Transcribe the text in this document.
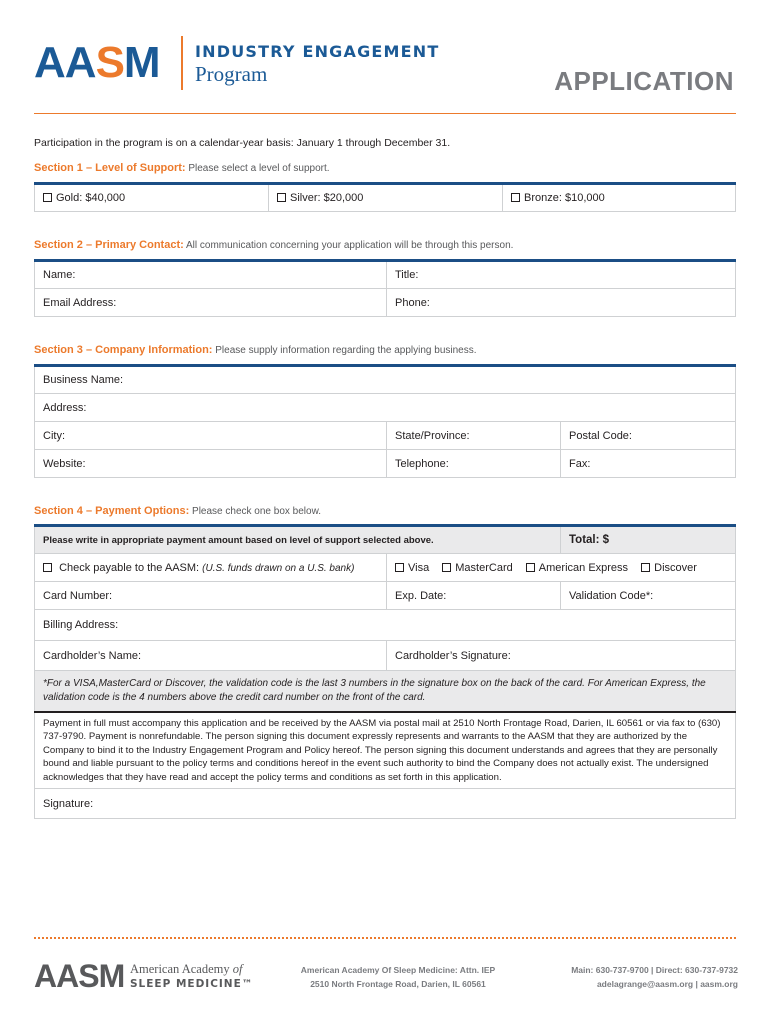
AASM	INDUSTRY ENGAGEMENT
Program	APPLICATION
Participation in the program is on a calendar-year basis: January 1 through December 31.
Section 1 – Level of Support: Please select a level of support.
Gold: $40,000	Silver: $20,000	Bronze: $10,000
Section 2 – Primary Contact: All communication concerning your application will be through this person.
Name:	Title:
Email Address:	Phone:
Section 3 – Company Information: Please supply information regarding the applying business.
Business Name:		
Address:		
City:	State/Province:	Postal Code:
Website:	Telephone:	Fax:
Section 4 – Payment Options: Please check one box below.
Please write in appropriate payment amount based on level of support selected above.		Total: $
Check payable to the AASM: (U.S. funds drawn on a U.S. bank)	Visa MasterCard American Express Discover	
Card Number:	Exp. Date:	Validation Code*:
Billing Address:		
Cardholder’s Name:	Cardholder’s Signature:	
*For a VISA,MasterCard or Discover, the validation code is the last 3 numbers in the signature box on the back of the card. For American Express, the validation code is the 4 numbers above the credit card number on the front of the card.		
Payment in full must accompany this application and be received by the AASM via postal mail at 2510 North Frontage Road, Darien, IL 60561 or via fax to (630) 737-9790. Payment is nonrefundable. The person signing this document expressly represents and warrants to the AASM that they are authorized by the Company to bind it to the Industry Engagement Program and Policy hereof. The person signing this document understands and agrees that they are personally bound and liable pursuant to the policy terms and conditions hereof in the event such authority to bind the Company does not actually exist. The undersigned acknowledges that they have read and accept the policy terms and conditions as set forth in this application.
Signature:
AASM American Academy of
SLEEP MEDICINE™
American Academy Of Sleep Medicine: Attn. IEP
2510 North Frontage Road, Darien, IL 60561
Main: 630-737-9700 | Direct: 630-737-9732
adelagrange@aasm.org | aasm.org
